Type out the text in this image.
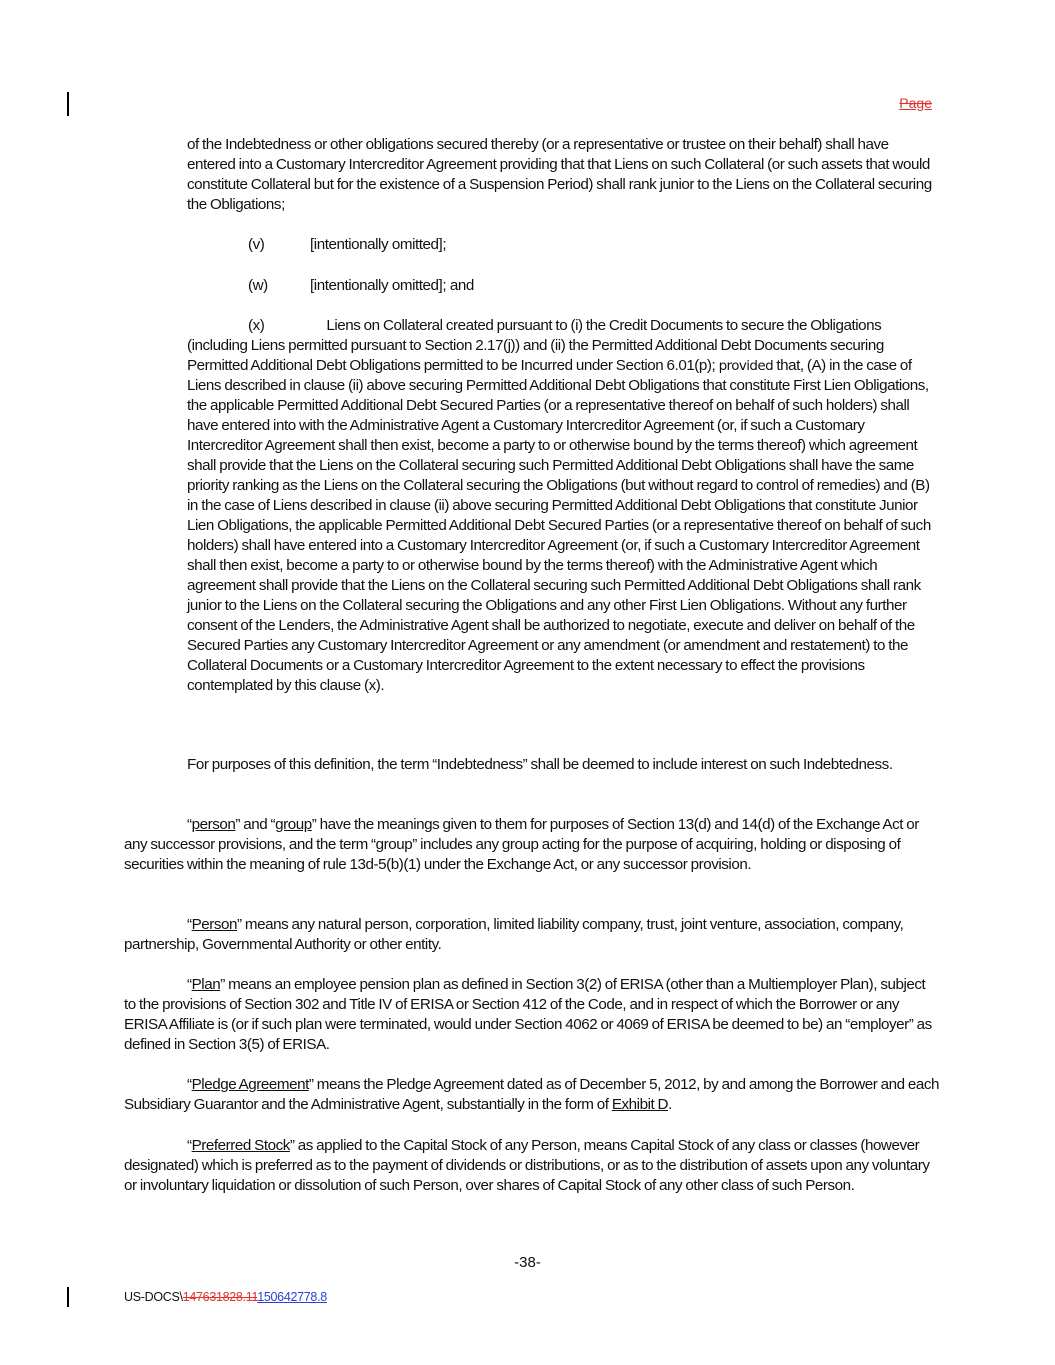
Page
of the Indebtedness or other obligations secured thereby (or a representative or trustee on their behalf) shall have entered into a Customary Intercreditor Agreement providing that that Liens on such Collateral (or such assets that would constitute Collateral but for the existence of a Suspension Period) shall rank junior to the Liens on the Collateral securing the Obligations;
(v)	[intentionally omitted];
(w)	[intentionally omitted]; and
(x)	Liens on Collateral created pursuant to (i) the Credit Documents to secure the Obligations (including Liens permitted pursuant to Section 2.17(j)) and (ii) the Permitted Additional Debt Documents securing Permitted Additional Debt Obligations permitted to be Incurred under Section 6.01(p); provided that, (A) in the case of Liens described in clause (ii) above securing Permitted Additional Debt Obligations that constitute First Lien Obligations, the applicable Permitted Additional Debt Secured Parties (or a representative thereof on behalf of such holders) shall have entered into with the Administrative Agent a Customary Intercreditor Agreement (or, if such a Customary Intercreditor Agreement shall then exist, become a party to or otherwise bound by the terms thereof) which agreement shall provide that the Liens on the Collateral securing such Permitted Additional Debt Obligations shall have the same priority ranking as the Liens on the Collateral securing the Obligations (but without regard to control of remedies) and (B) in the case of Liens described in clause (ii) above securing Permitted Additional Debt Obligations that constitute Junior Lien Obligations, the applicable Permitted Additional Debt Secured Parties (or a representative thereof on behalf of such holders) shall have entered into a Customary Intercreditor Agreement (or, if such a Customary Intercreditor Agreement shall then exist, become a party to or otherwise bound by the terms thereof) with the Administrative Agent which agreement shall provide that the Liens on the Collateral securing such Permitted Additional Debt Obligations shall rank junior to the Liens on the Collateral securing the Obligations and any other First Lien Obligations. Without any further consent of the Lenders, the Administrative Agent shall be authorized to negotiate, execute and deliver on behalf of the Secured Parties any Customary Intercreditor Agreement or any amendment (or amendment and restatement) to the Collateral Documents or a Customary Intercreditor Agreement to the extent necessary to effect the provisions contemplated by this clause (x).
For purposes of this definition, the term “Indebtedness” shall be deemed to include interest on such Indebtedness.
“person” and “group” have the meanings given to them for purposes of Section 13(d) and 14(d) of the Exchange Act or any successor provisions, and the term “group” includes any group acting for the purpose of acquiring, holding or disposing of securities within the meaning of rule 13d-5(b)(1) under the Exchange Act, or any successor provision.
“Person” means any natural person, corporation, limited liability company, trust, joint venture, association, company, partnership, Governmental Authority or other entity.
“Plan” means an employee pension plan as defined in Section 3(2) of ERISA (other than a Multiemployer Plan), subject to the provisions of Section 302 and Title IV of ERISA or Section 412 of the Code, and in respect of which the Borrower or any ERISA Affiliate is (or if such plan were terminated, would under Section 4062 or 4069 of ERISA be deemed to be) an “employer” as defined in Section 3(5) of ERISA.
“Pledge Agreement” means the Pledge Agreement dated as of December 5, 2012, by and among the Borrower and each Subsidiary Guarantor and the Administrative Agent, substantially in the form of Exhibit D.
“Preferred Stock” as applied to the Capital Stock of any Person, means Capital Stock of any class or classes (however designated) which is preferred as to the payment of dividends or distributions, or as to the distribution of assets upon any voluntary or involuntary liquidation or dissolution of such Person, over shares of Capital Stock of any other class of such Person.
-38-
US-DOCS\147631828.11150642778.8
